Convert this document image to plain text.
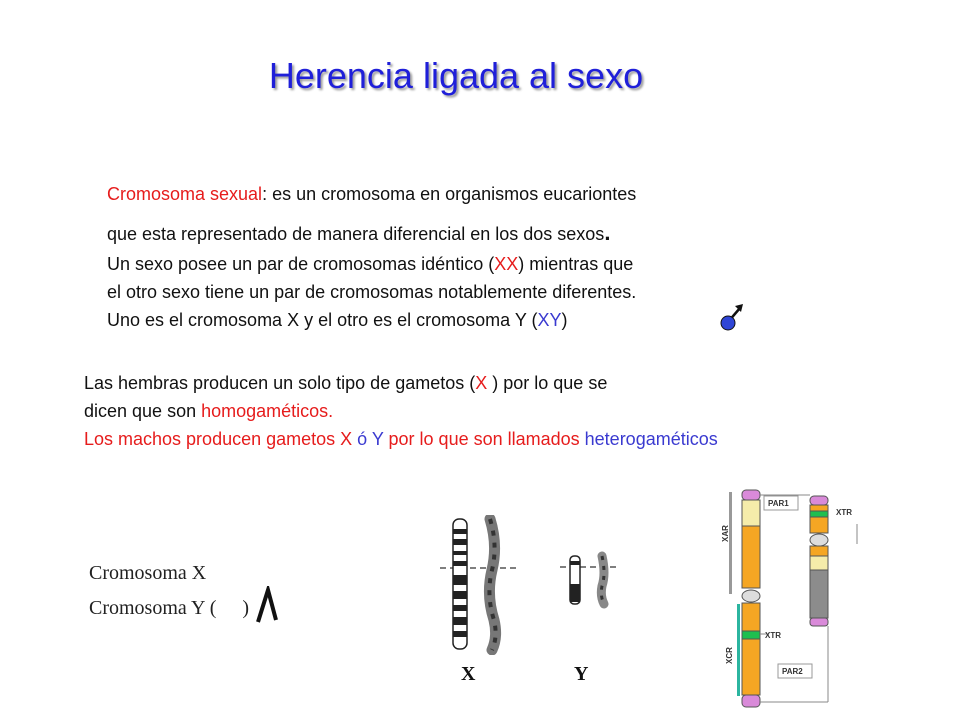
Herencia ligada al sexo
Cromosoma sexual: es un cromosoma en organismos eucariontes
que esta representado de manera diferencial en los dos sexos.
Un sexo posee un par de cromosomas idéntico (XX) mientras que
el otro sexo tiene un par de cromosomas notablemente diferentes.
Uno es el cromosoma X y el otro es el cromosoma Y (XY)
Las hembras producen un solo tipo de gametos (X ) por lo que se
dicen que son homogaméticos.
Los machos producen gametos X ó Y por lo que son llamados heterogaméticos
Cromosoma X
Cromosoma Y ( )
X	Y
PAR1
PAR2
XTR
XTR
XAR
XCR
